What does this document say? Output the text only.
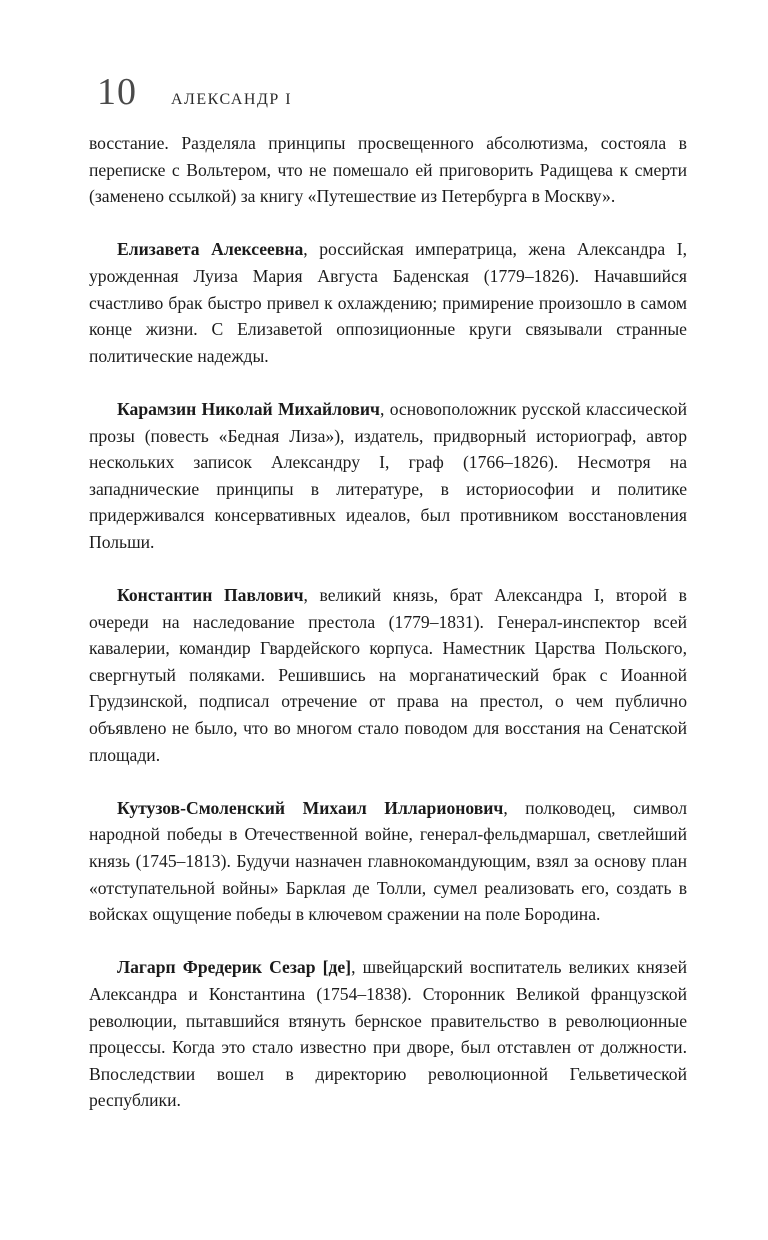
10 АЛЕКСАНДР I

восстание. Разделяла принципы просвещенного абсолютизма, состояла в переписке с Вольтером, что не помешало ей приговорить Радищева к смерти (заменено ссылкой) за книгу «Путешествие из Петербурга в Москву».

Елизавета Алексеевна, российская императрица, жена Александра I, урожденная Луиза Мария Августа Баденская (1779–1826). Начавшийся счастливо брак быстро привел к охлаждению; примирение произошло в самом конце жизни. С Елизаветой оппозиционные круги связывали странные политические надежды.

Карамзин Николай Михайлович, основоположник русской классической прозы (повесть «Бедная Лиза»), издатель, придворный историограф, автор нескольких записок Александру I, граф (1766–1826). Несмотря на западнические принципы в литературе, в историософии и политике придерживался консервативных идеалов, был противником восстановления Польши.

Константин Павлович, великий князь, брат Александра I, второй в очереди на наследование престола (1779–1831). Генерал-инспектор всей кавалерии, командир Гвардейского корпуса. Наместник Царства Польского, свергнутый поляками. Решившись на морганатический брак с Иоанной Грудзинской, подписал отречение от права на престол, о чем публично объявлено не было, что во многом стало поводом для восстания на Сенатской площади.

Кутузов-Смоленский Михаил Илларионович, полководец, символ народной победы в Отечественной войне, генерал-фельдмаршал, светлейший князь (1745–1813). Будучи назначен главнокомандующим, взял за основу план «отступательной войны» Барклая де Толли, сумел реализовать его, создать в войсках ощущение победы в ключевом сражении на поле Бородина.

Лагарп Фредерик Сезар [де], швейцарский воспитатель великих князей Александра и Константина (1754–1838). Сторонник Великой французской революции, пытавшийся втянуть бернское правительство в революционные процессы. Когда это стало известно при дворе, был отставлен от должности. Впоследствии вошел в директорию революционной Гельветической республики.
